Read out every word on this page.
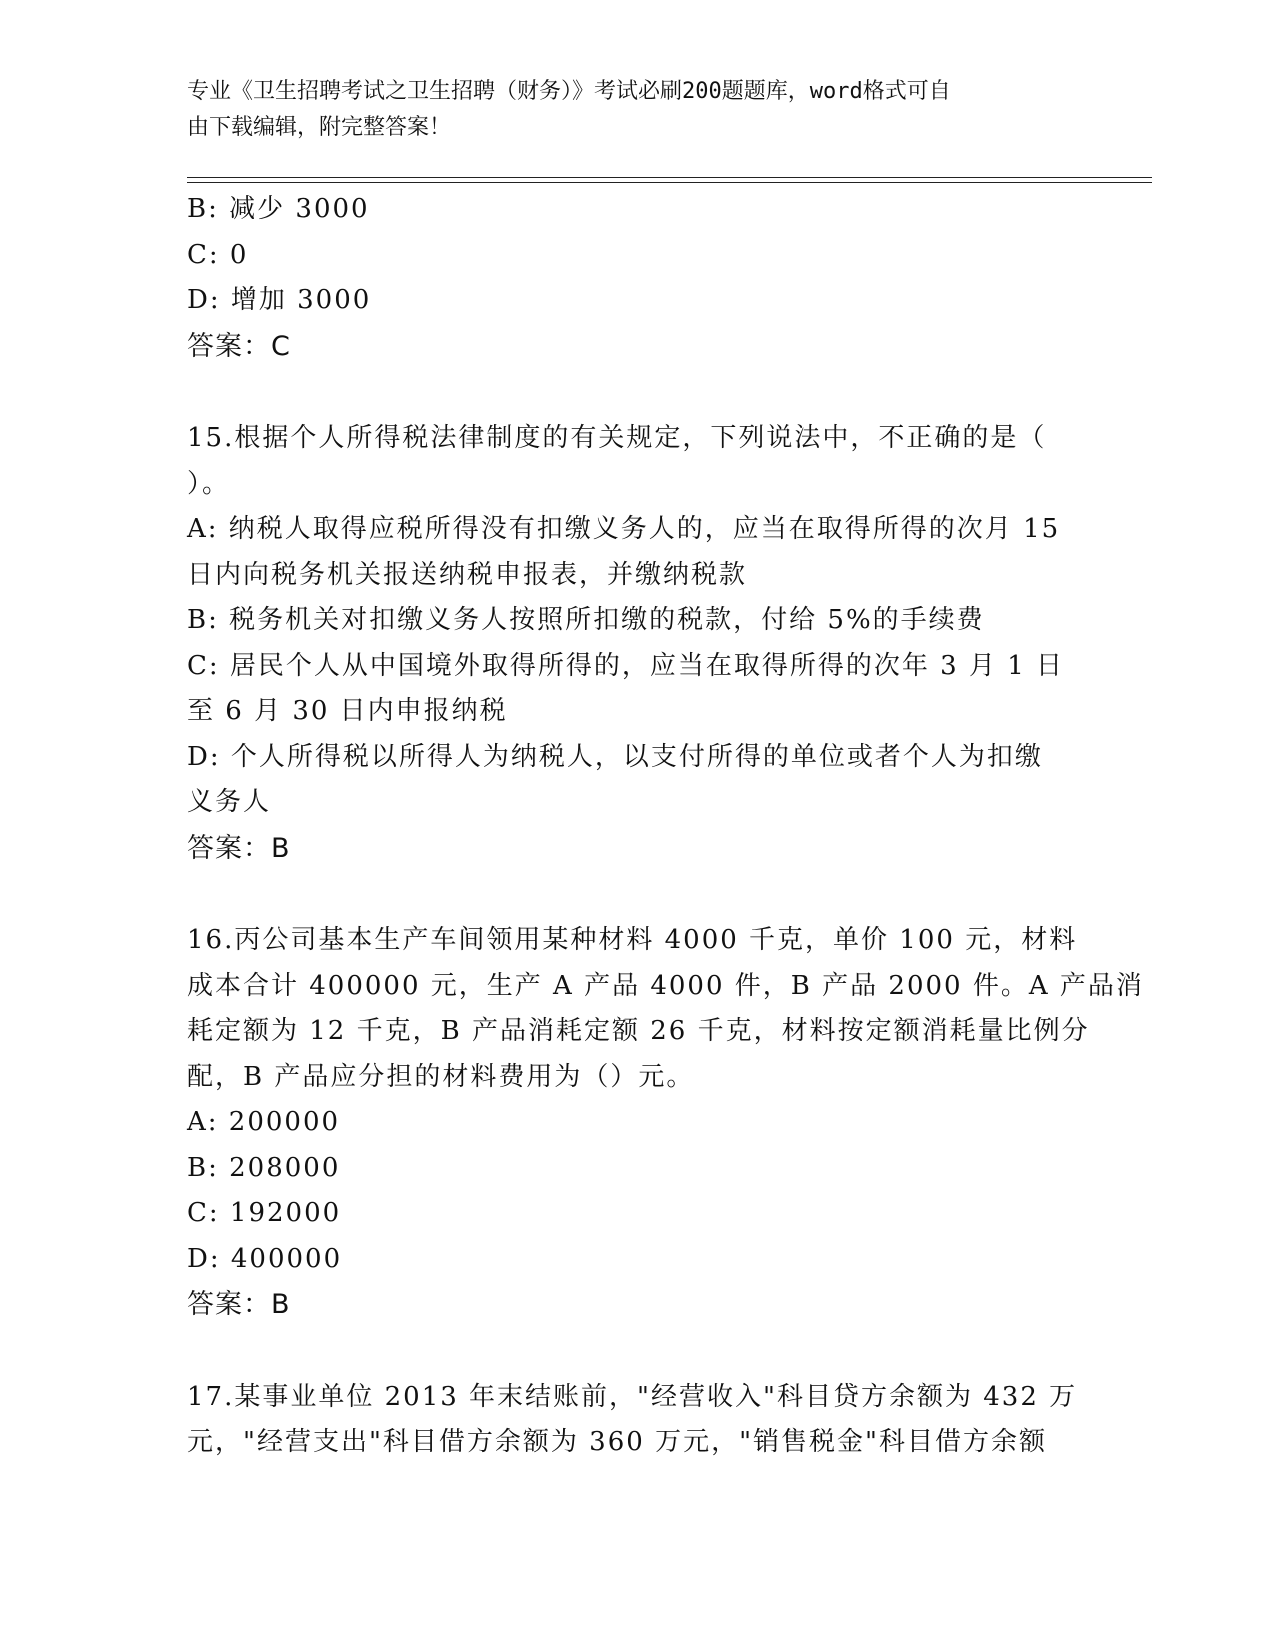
专业《卫生招聘考试之卫生招聘（财务）》考试必刷200题题库，word格式可自
由下载编辑，附完整答案！
B: 减少 3000
C: 0
D: 增加 3000
答案：C
15.根据个人所得税法律制度的有关规定，下列说法中，不正确的是（
）。
A: 纳税人取得应税所得没有扣缴义务人的，应当在取得所得的次月 15
日内向税务机关报送纳税申报表，并缴纳税款
B: 税务机关对扣缴义务人按照所扣缴的税款，付给 5%的手续费
C: 居民个人从中国境外取得所得的，应当在取得所得的次年 3 月 1 日
至 6 月 30 日内申报纳税
D: 个人所得税以所得人为纳税人，以支付所得的单位或者个人为扣缴
义务人
答案：B
16.丙公司基本生产车间领用某种材料 4000 千克，单价 100 元，材料
成本合计 400000 元，生产 A 产品 4000 件，B 产品 2000 件。A 产品消
耗定额为 12 千克，B 产品消耗定额 26 千克，材料按定额消耗量比例分
配，B 产品应分担的材料费用为（）元。
A: 200000
B: 208000
C: 192000
D: 400000
答案：B
17.某事业单位 2013 年末结账前，"经营收入"科目贷方余额为 432 万
元，"经营支出"科目借方余额为 360 万元，"销售税金"科目借方余额
